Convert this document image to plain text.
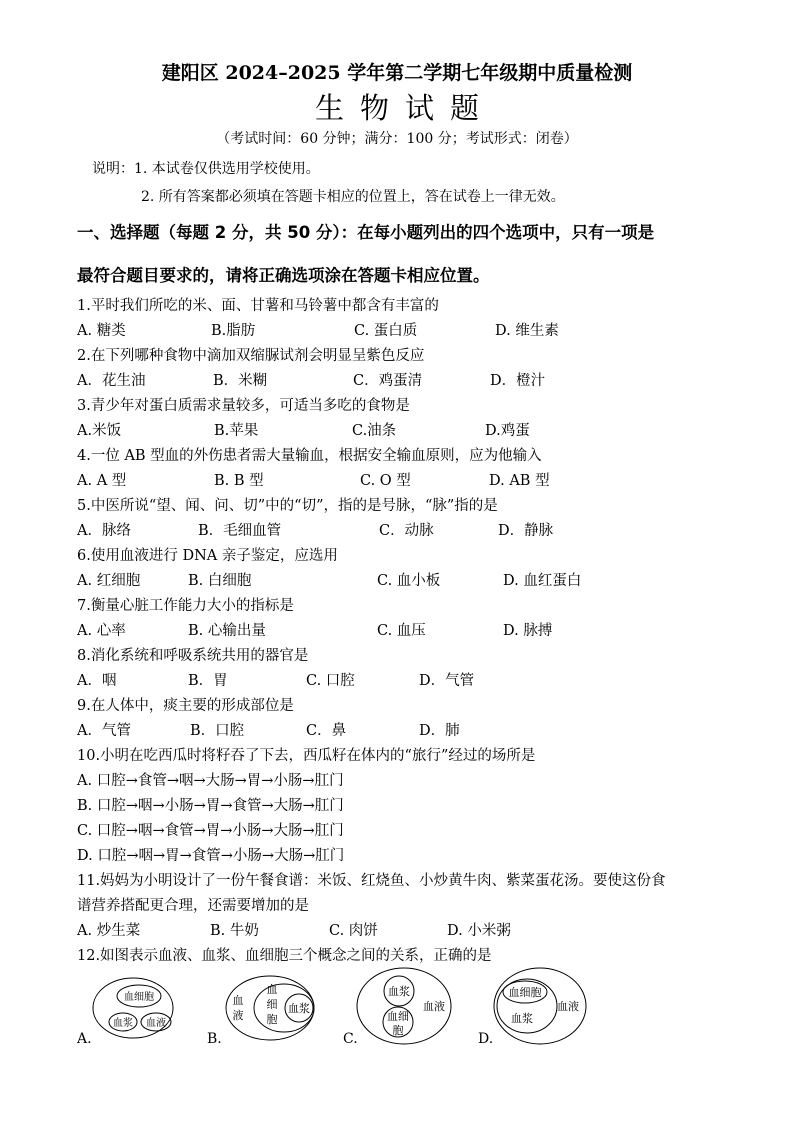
建阳区 2024–2025 学年第二学期七年级期中质量检测
生物试题
（考试时间：60 分钟；满分：100 分；考试形式：闭卷）
说明：1. 本试卷仅供选用学校使用。
2. 所有答案都必须填在答题卡相应的位置上，答在试卷上一律无效。
一、选择题（每题 2 分，共 50 分）：在每小题列出的四个选项中，只有一项是
最符合题目要求的，请将正确选项涂在答题卡相应位置。
1.平时我们所吃的米、面、甘薯和马铃薯中都含有丰富的
A. 糖类	B.脂肪	C. 蛋白质	D. 维生素
2.在下列哪种食物中滴加双缩脲试剂会明显呈紫色反应
A．花生油	B．米糊	C．鸡蛋清	D．橙汁
3.青少年对蛋白质需求量较多，可适当多吃的食物是
A.米饭	B.苹果	C.油条	D.鸡蛋
4.一位 AB 型血的外伤患者需大量输血，根据安全输血原则，应为他输入
A. A 型	B. B 型	C. O 型	D. AB 型
5.中医所说“望、闻、问、切”中的“切”，指的是号脉，“脉”指的是
A．脉络	B．毛细血管	C．动脉	D．静脉
6.使用血液进行 DNA 亲子鉴定，应选用
A. 红细胞	B. 白细胞	C. 血小板	D. 血红蛋白
7.衡量心脏工作能力大小的指标是
A. 心率	B. 心输出量	C. 血压	D. 脉搏
8.消化系统和呼吸系统共用的器官是
A．咽	B．胃	C. 口腔	D．气管
9.在人体中，痰主要的形成部位是
A．气管	B．口腔	C．鼻	D．肺
10.小明在吃西瓜时将籽吞了下去，西瓜籽在体内的“旅行”经过的场所是
A. 口腔→食管→咽→大肠→胃→小肠→肛门
B. 口腔→咽→小肠→胃→食管→大肠→肛门
C. 口腔→咽→食管→胃→小肠→大肠→肛门
D. 口腔→咽→胃→食管→小肠→大肠→肛门
11.妈妈为小明设计了一份午餐食谱：米饭、红烧鱼、小炒黄牛肉、紫菜蛋花汤。要使这份食
谱营养搭配更合理，还需要增加的是
A. 炒生菜	B. 牛奶	C. 肉饼	D. 小米粥
12.如图表示血液、血浆、血细胞三个概念之间的关系，正确的是
血细胞
血浆 血液
血
液
血
细
胞
血浆
血浆
血液
血细
胞
血细胞
血浆
血液
A.	B.	C.	D.
